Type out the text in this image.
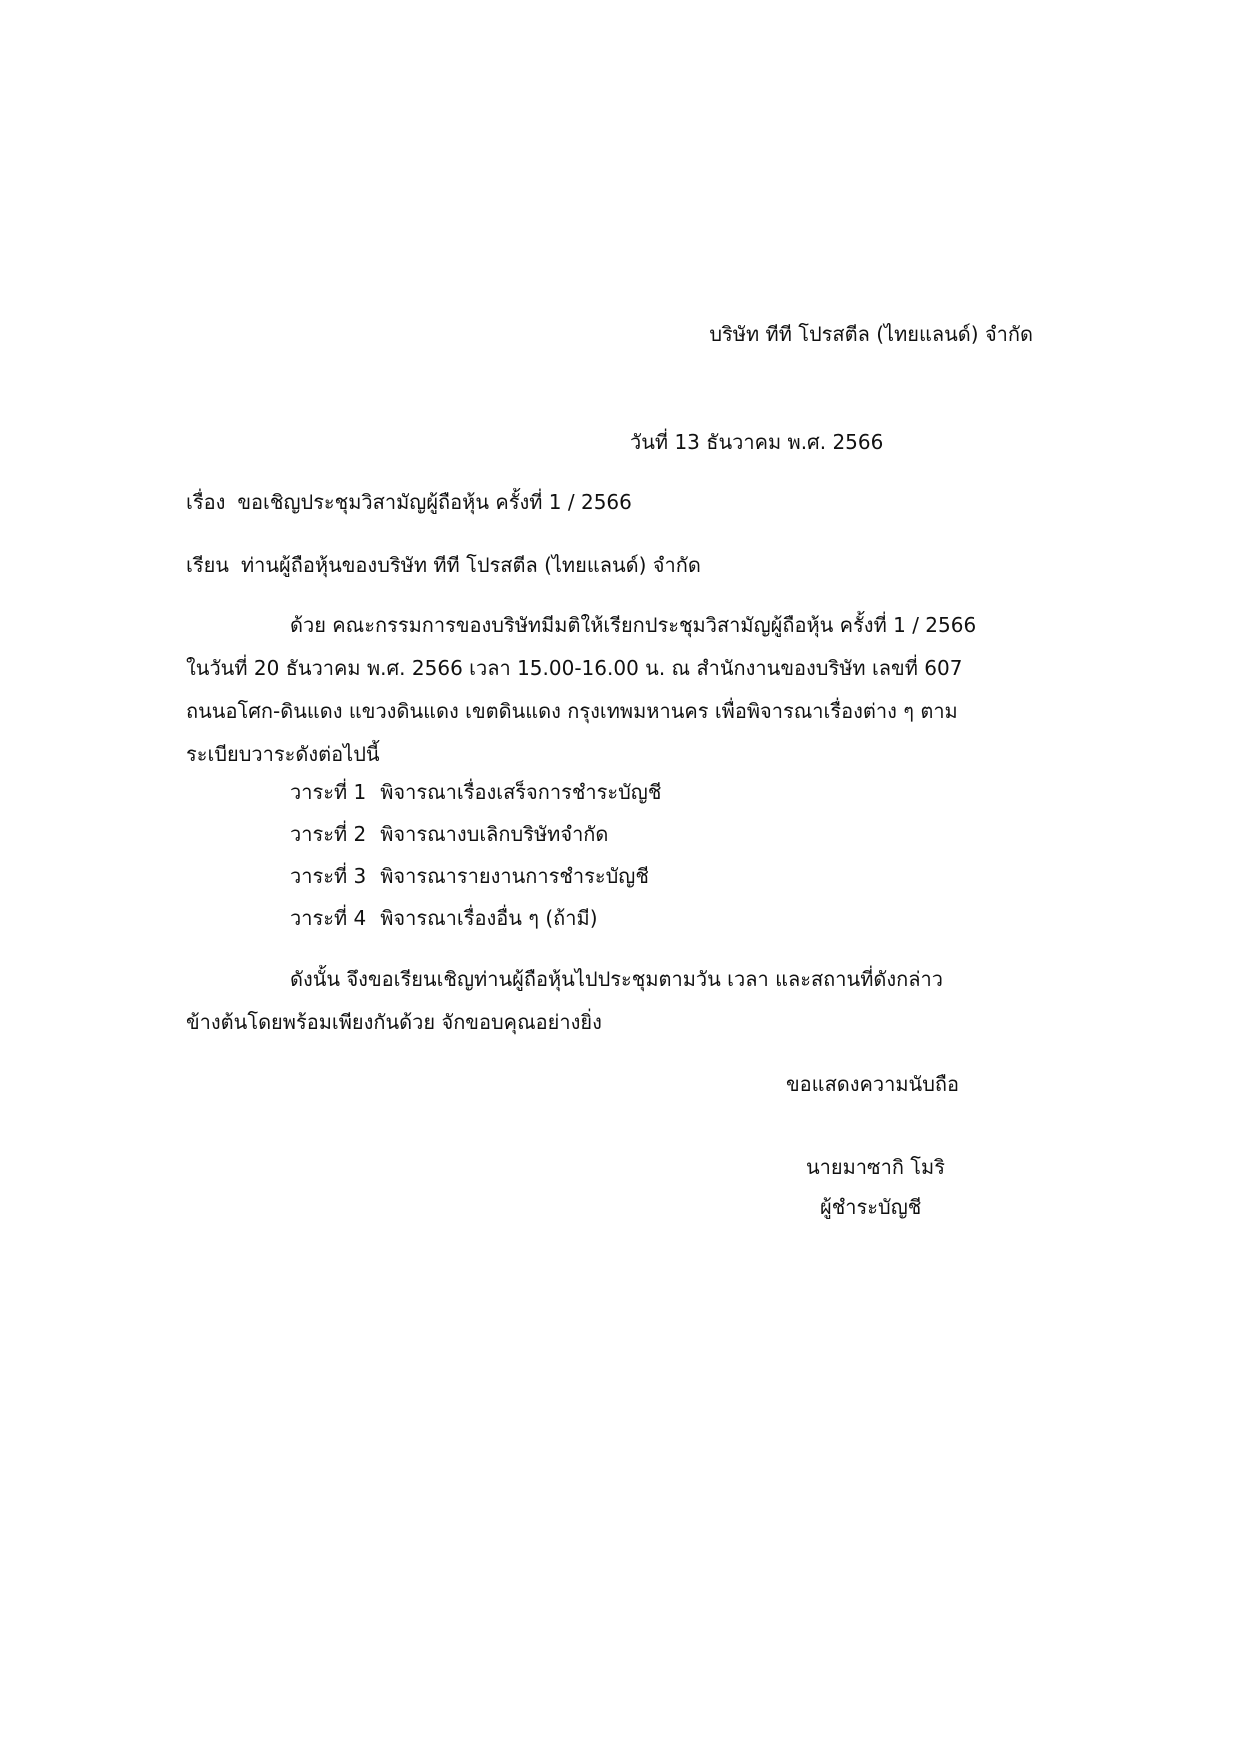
บริษัท ทีที โปรสตีล (ไทยแลนด์) จำกัด
วันที่ 13 ธันวาคม พ.ศ. 2566
เรื่อง ขอเชิญประชุมวิสามัญผู้ถือหุ้น ครั้งที่ 1 / 2566
เรียน ท่านผู้ถือหุ้นของบริษัท ทีที โปรสตีล (ไทยแลนด์) จำกัด
ด้วย คณะกรรมการของบริษัทมีมติให้เรียกประชุมวิสามัญผู้ถือหุ้น ครั้งที่ 1 / 2566
ในวันที่ 20 ธันวาคม พ.ศ. 2566 เวลา 15.00-16.00 น. ณ สำนักงานของบริษัท เลขที่ 607
ถนนอโศก-ดินแดง แขวงดินแดง เขตดินแดง กรุงเทพมหานคร เพื่อพิจารณาเรื่องต่าง ๆ ตาม
ระเบียบวาระดังต่อไปนี้
วาระที่ 1 พิจารณาเรื่องเสร็จการชำระบัญชี
วาระที่ 2 พิจารณางบเลิกบริษัทจำกัด
วาระที่ 3 พิจารณารายงานการชำระบัญชี
วาระที่ 4 พิจารณาเรื่องอื่น ๆ (ถ้ามี)
ดังนั้น จึงขอเรียนเชิญท่านผู้ถือหุ้นไปประชุมตามวัน เวลา และสถานที่ดังกล่าว
ข้างต้นโดยพร้อมเพียงกันด้วย จักขอบคุณอย่างยิ่ง
ขอแสดงความนับถือ
นายมาซากิ โมริ
ผู้ชำระบัญชี
